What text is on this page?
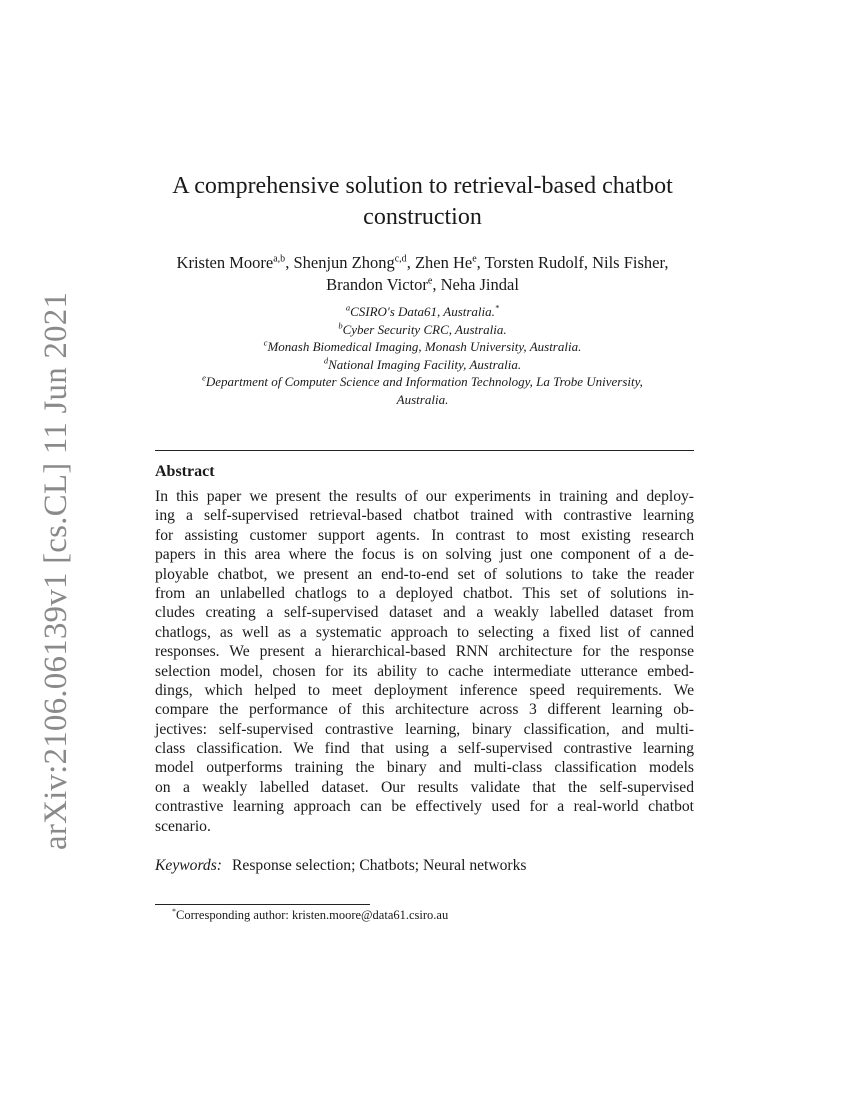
arXiv:2106.06139v1 [cs.CL] 11 Jun 2021
A comprehensive solution to retrieval-based chatbot
construction
Kristen Moore$^{a,b}$, Shenjun Zhong$^{c,d}$, Zhen He$^e$, Torsten Rudolf, Nils Fisher,
Brandon Victor$^e$, Neha Jindal
$^a$CSIRO's Data61, Australia.*
$^b$Cyber Security CRC, Australia.
$^c$Monash Biomedical Imaging, Monash University, Australia.
$^d$National Imaging Facility, Australia.
$^e$Department of Computer Science and Information Technology, La Trobe University,
Australia.
Abstract
In this paper we present the results of our experiments in training and deploy-
ing a self-supervised retrieval-based chatbot trained with contrastive learning
for assisting customer support agents. In contrast to most existing research
papers in this area where the focus is on solving just one component of a de-
ployable chatbot, we present an end-to-end set of solutions to take the reader
from an unlabelled chatlogs to a deployed chatbot. This set of solutions in-
cludes creating a self-supervised dataset and a weakly labelled dataset from
chatlogs, as well as a systematic approach to selecting a fixed list of canned
responses. We present a hierarchical-based RNN architecture for the response
selection model, chosen for its ability to cache intermediate utterance embed-
dings, which helped to meet deployment inference speed requirements. We
compare the performance of this architecture across 3 different learning ob-
jectives: self-supervised contrastive learning, binary classification, and multi-
class classification. We find that using a self-supervised contrastive learning
model outperforms training the binary and multi-class classification models
on a weakly labelled dataset. Our results validate that the self-supervised
contrastive learning approach can be effectively used for a real-world chatbot
scenario.
Keywords: Response selection; Chatbots; Neural networks
*Corresponding author: kristen.moore@data61.csiro.au
